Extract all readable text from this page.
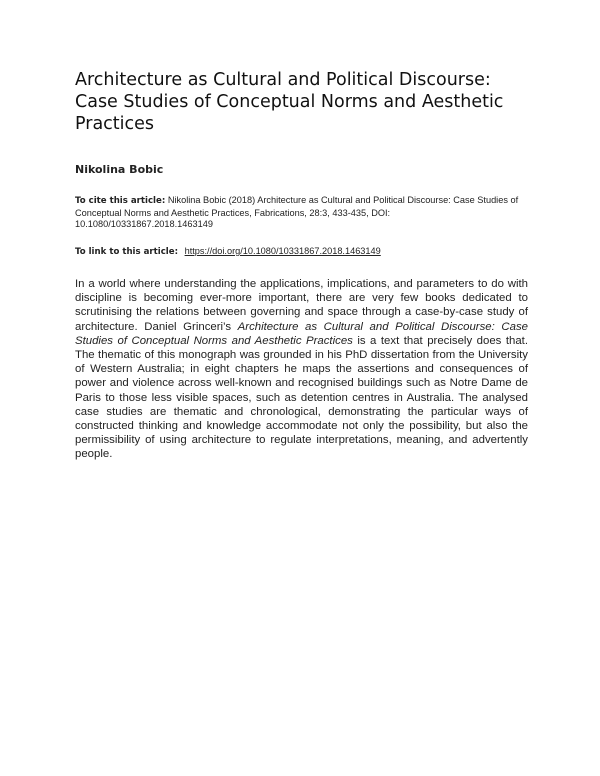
Architecture as Cultural and Political Discourse: Case Studies of Conceptual Norms and Aesthetic Practices
Nikolina Bobic
To cite this article: Nikolina Bobic (2018) Architecture as Cultural and Political Discourse: Case Studies of Conceptual Norms and Aesthetic Practices, Fabrications, 28:3, 433-435, DOI: 10.1080/10331867.2018.1463149
To link to this article: https://doi.org/10.1080/10331867.2018.1463149

In a world where understanding the applications, implications, and parameters to do with discipline is becoming ever-more important, there are very few books dedicated to scrutinising the relations between governing and space through a case-by-case study of architecture. Daniel Grinceri’s Architecture as Cultural and Political Discourse: Case Studies of Conceptual Norms and Aesthetic Practices is a text that precisely does that. The thematic of this monograph was grounded in his PhD dissertation from the University of Western Australia; in eight chapters he maps the assertions and consequences of power and violence across well-known and recognised buildings such as Notre Dame de Paris to those less visible spaces, such as detention centres in Australia. The analysed case studies are thematic and chronological, demonstrating the particular ways of constructed thinking and knowledge accommodate not only the possibility, but also the permissibility of using architecture to regulate interpretations, meaning, and advertently people.
